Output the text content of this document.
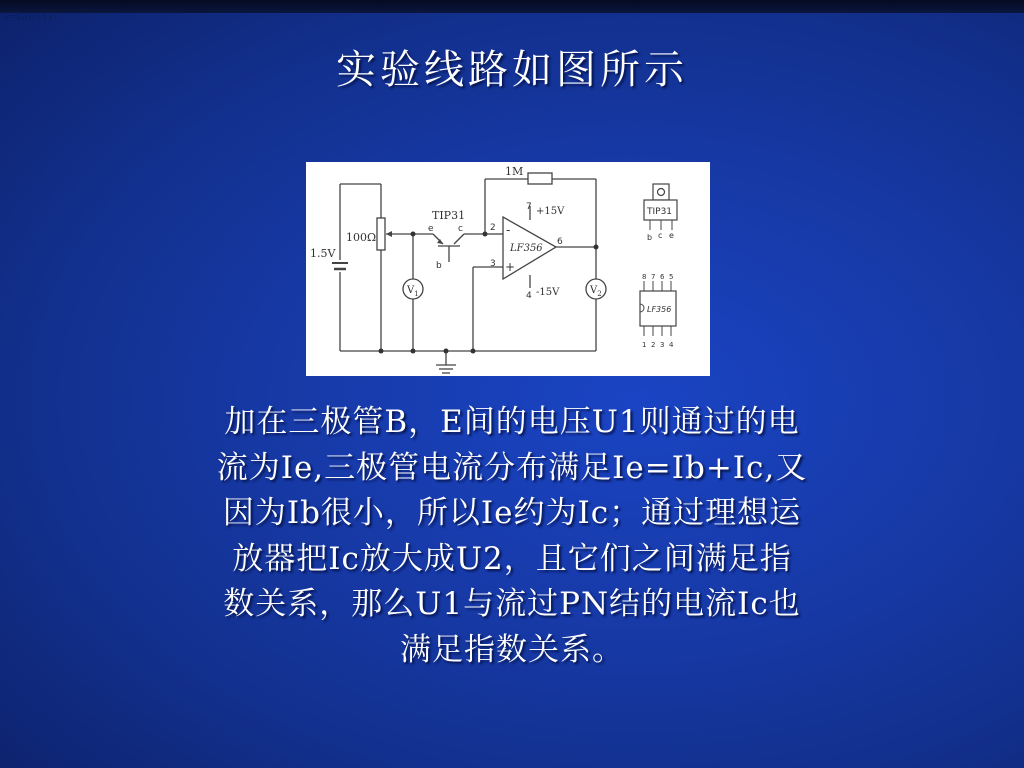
I=I₀(eᵘ-1)
实验线路如图所示
1M
1.5V
100Ω
TIP31
e	c
b
2
3
7
4
6
-
+
LF356
+15V
-15V
$V_1$	$V_2$
TIP31
b c e
8 7 6 5
LF356
1 2 3 4
加在三极管B，E间的电压U1则通过的电
流为Ie,三极管电流分布满足Ie=Ib+Ic,又
因为Ib很小，所以Ie约为Ic；通过理想运
放器把Ic放大成U2，且它们之间满足指
数关系，那么U1与流过PN结的电流Ic也
满足指数关系。
